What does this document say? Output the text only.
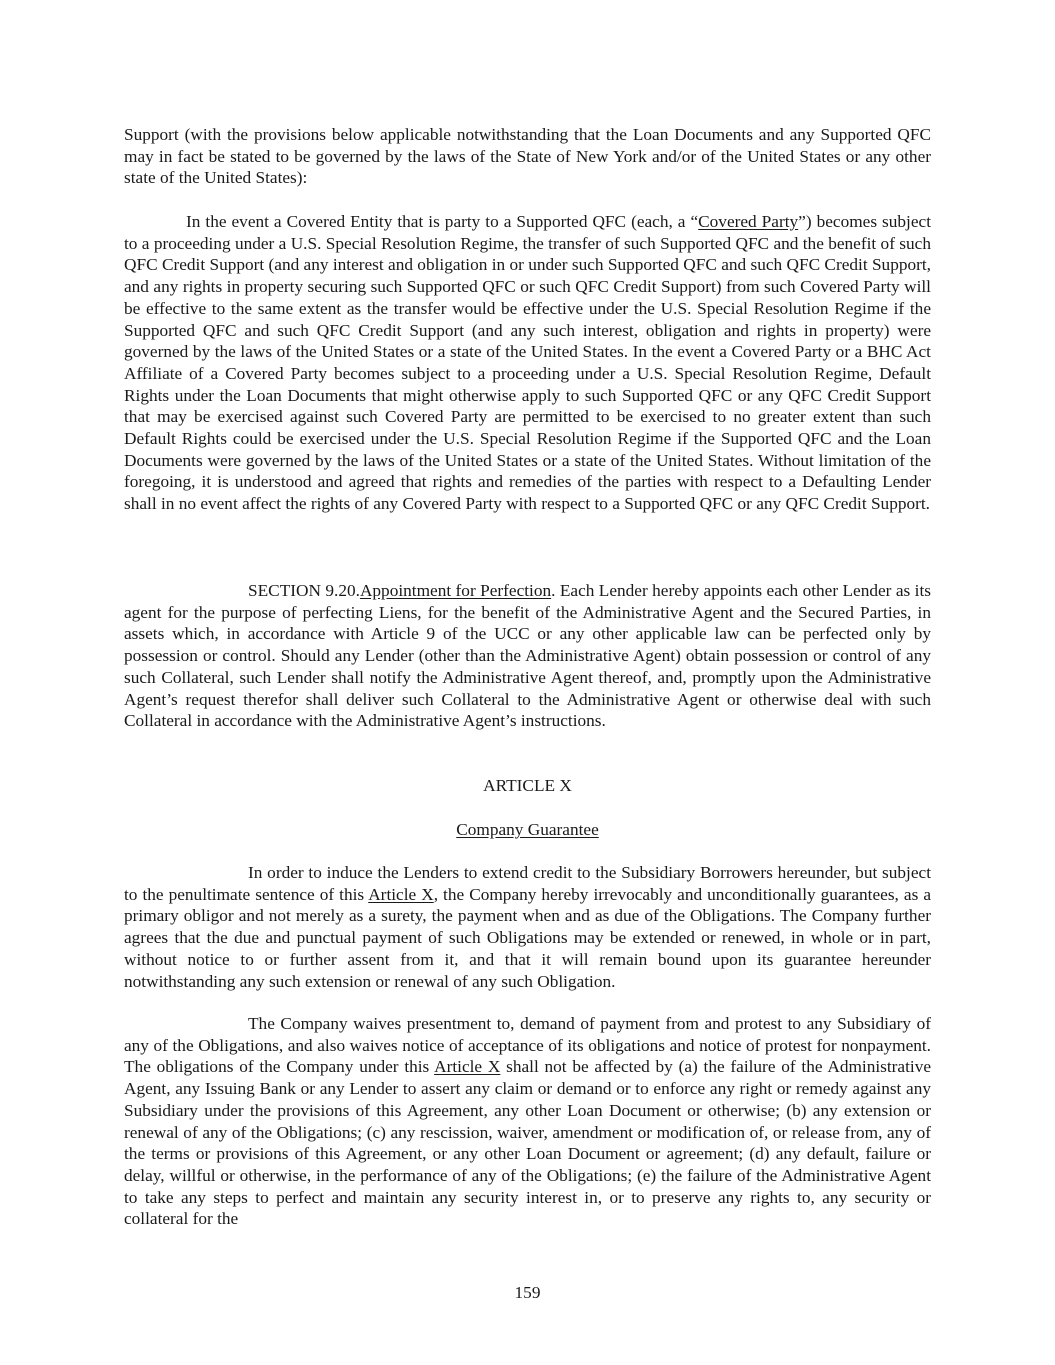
Support (with the provisions below applicable notwithstanding that the Loan Documents and any Supported QFC may in fact be stated to be governed by the laws of the State of New York and/or of the United States or any other state of the United States):

In the event a Covered Entity that is party to a Supported QFC (each, a “Covered Party”) becomes subject to a proceeding under a U.S. Special Resolution Regime, the transfer of such Supported QFC and the benefit of such QFC Credit Support (and any interest and obligation in or under such Supported QFC and such QFC Credit Support, and any rights in property securing such Supported QFC or such QFC Credit Support) from such Covered Party will be effective to the same extent as the transfer would be effective under the U.S. Special Resolution Regime if the Supported QFC and such QFC Credit Support (and any such interest, obligation and rights in property) were governed by the laws of the United States or a state of the United States. In the event a Covered Party or a BHC Act Affiliate of a Covered Party becomes subject to a proceeding under a U.S. Special Resolution Regime, Default Rights under the Loan Documents that might otherwise apply to such Supported QFC or any QFC Credit Support that may be exercised against such Covered Party are permitted to be exercised to no greater extent than such Default Rights could be exercised under the U.S. Special Resolution Regime if the Supported QFC and the Loan Documents were governed by the laws of the United States or a state of the United States. Without limitation of the foregoing, it is understood and agreed that rights and remedies of the parties with respect to a Defaulting Lender shall in no event affect the rights of any Covered Party with respect to a Supported QFC or any QFC Credit Support.

SECTION 9.20.Appointment for Perfection. Each Lender hereby appoints each other Lender as its agent for the purpose of perfecting Liens, for the benefit of the Administrative Agent and the Secured Parties, in assets which, in accordance with Article 9 of the UCC or any other applicable law can be perfected only by possession or control. Should any Lender (other than the Administrative Agent) obtain possession or control of any such Collateral, such Lender shall notify the Administrative Agent thereof, and, promptly upon the Administrative Agent’s request therefor shall deliver such Collateral to the Administrative Agent or otherwise deal with such Collateral in accordance with the Administrative Agent’s instructions.

ARTICLE X

Company Guarantee

In order to induce the Lenders to extend credit to the Subsidiary Borrowers hereunder, but subject to the penultimate sentence of this Article X, the Company hereby irrevocably and unconditionally guarantees, as a primary obligor and not merely as a surety, the payment when and as due of the Obligations. The Company further agrees that the due and punctual payment of such Obligations may be extended or renewed, in whole or in part, without notice to or further assent from it, and that it will remain bound upon its guarantee hereunder notwithstanding any such extension or renewal of any such Obligation.

The Company waives presentment to, demand of payment from and protest to any Subsidiary of any of the Obligations, and also waives notice of acceptance of its obligations and notice of protest for nonpayment. The obligations of the Company under this Article X shall not be affected by (a) the failure of the Administrative Agent, any Issuing Bank or any Lender to assert any claim or demand or to enforce any right or remedy against any Subsidiary under the provisions of this Agreement, any other Loan Document or otherwise; (b) any extension or renewal of any of the Obligations; (c) any rescission, waiver, amendment or modification of, or release from, any of the terms or provisions of this Agreement, or any other Loan Document or agreement; (d) any default, failure or delay, willful or otherwise, in the performance of any of the Obligations; (e) the failure of the Administrative Agent to take any steps to perfect and maintain any security interest in, or to preserve any rights to, any security or collateral for the

159
